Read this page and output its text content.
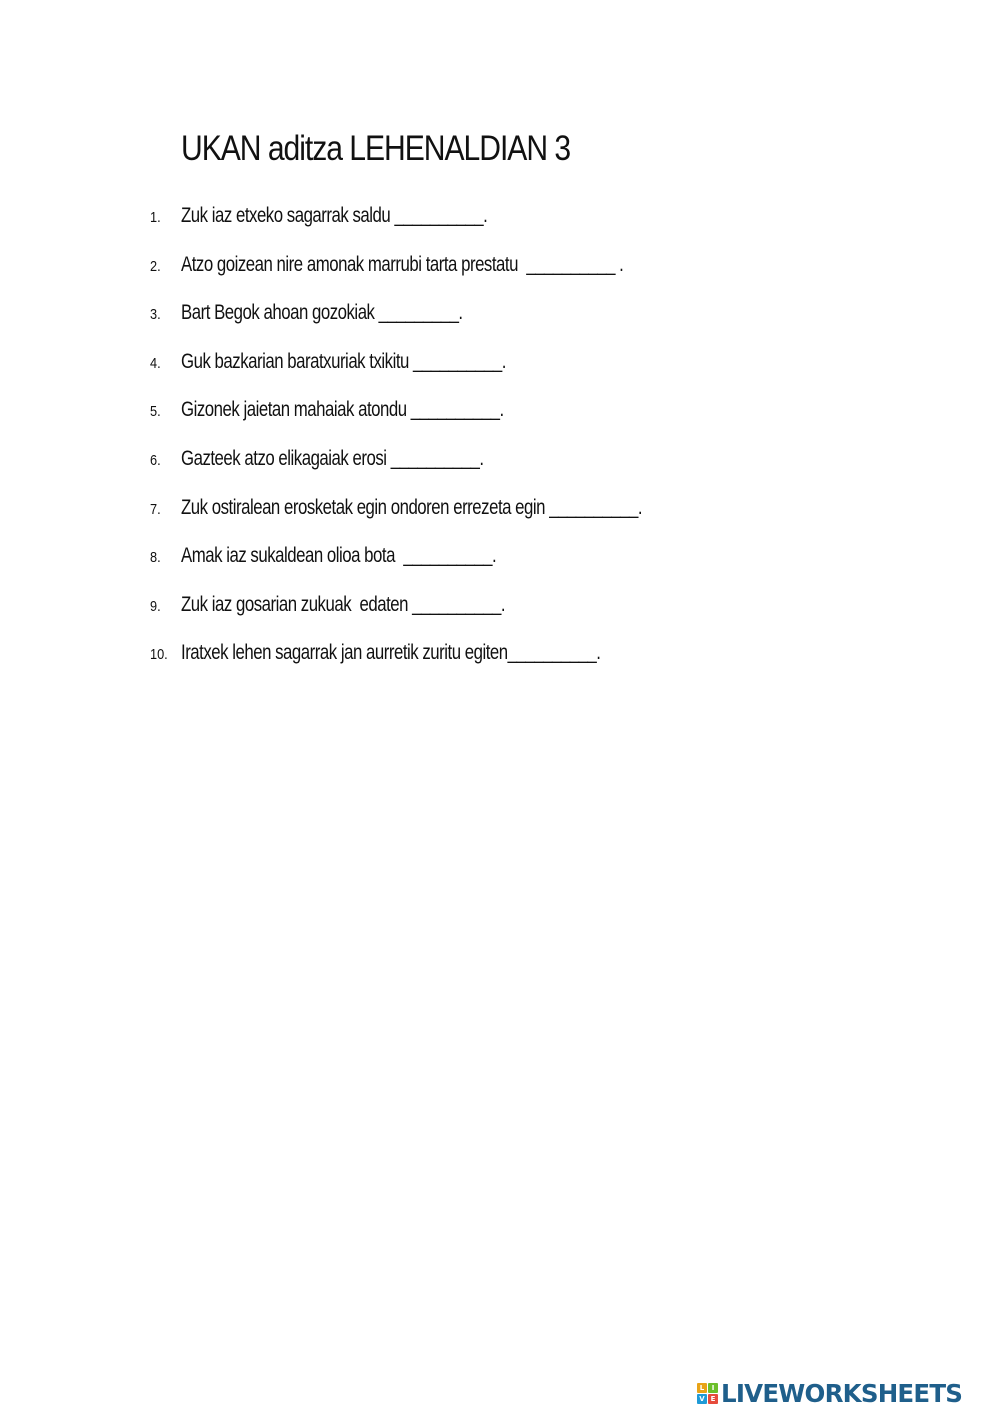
UKAN aditza LEHENALDIAN 3
1. Zuk iaz etxeko sagarrak saldu __________.
2. Atzo goizean nire amonak marrubi tarta prestatu  __________ .
3. Bart Begok ahoan gozokiak _________.
4. Guk bazkarian baratxuriak txikitu __________.
5. Gizonek jaietan mahaiak atondu __________.
6. Gazteek atzo elikagaiak erosi __________.
7. Zuk ostiralean erosketak egin ondoren errezeta egin __________.
8. Amak iaz sukaldean olioa bota  __________.
9. Zuk iaz gosarian zukuak  edaten __________.
10. Iratxek lehen sagarrak jan aurretik zuritu egiten__________.
L	I
V E LIVEWORKSHEETS
